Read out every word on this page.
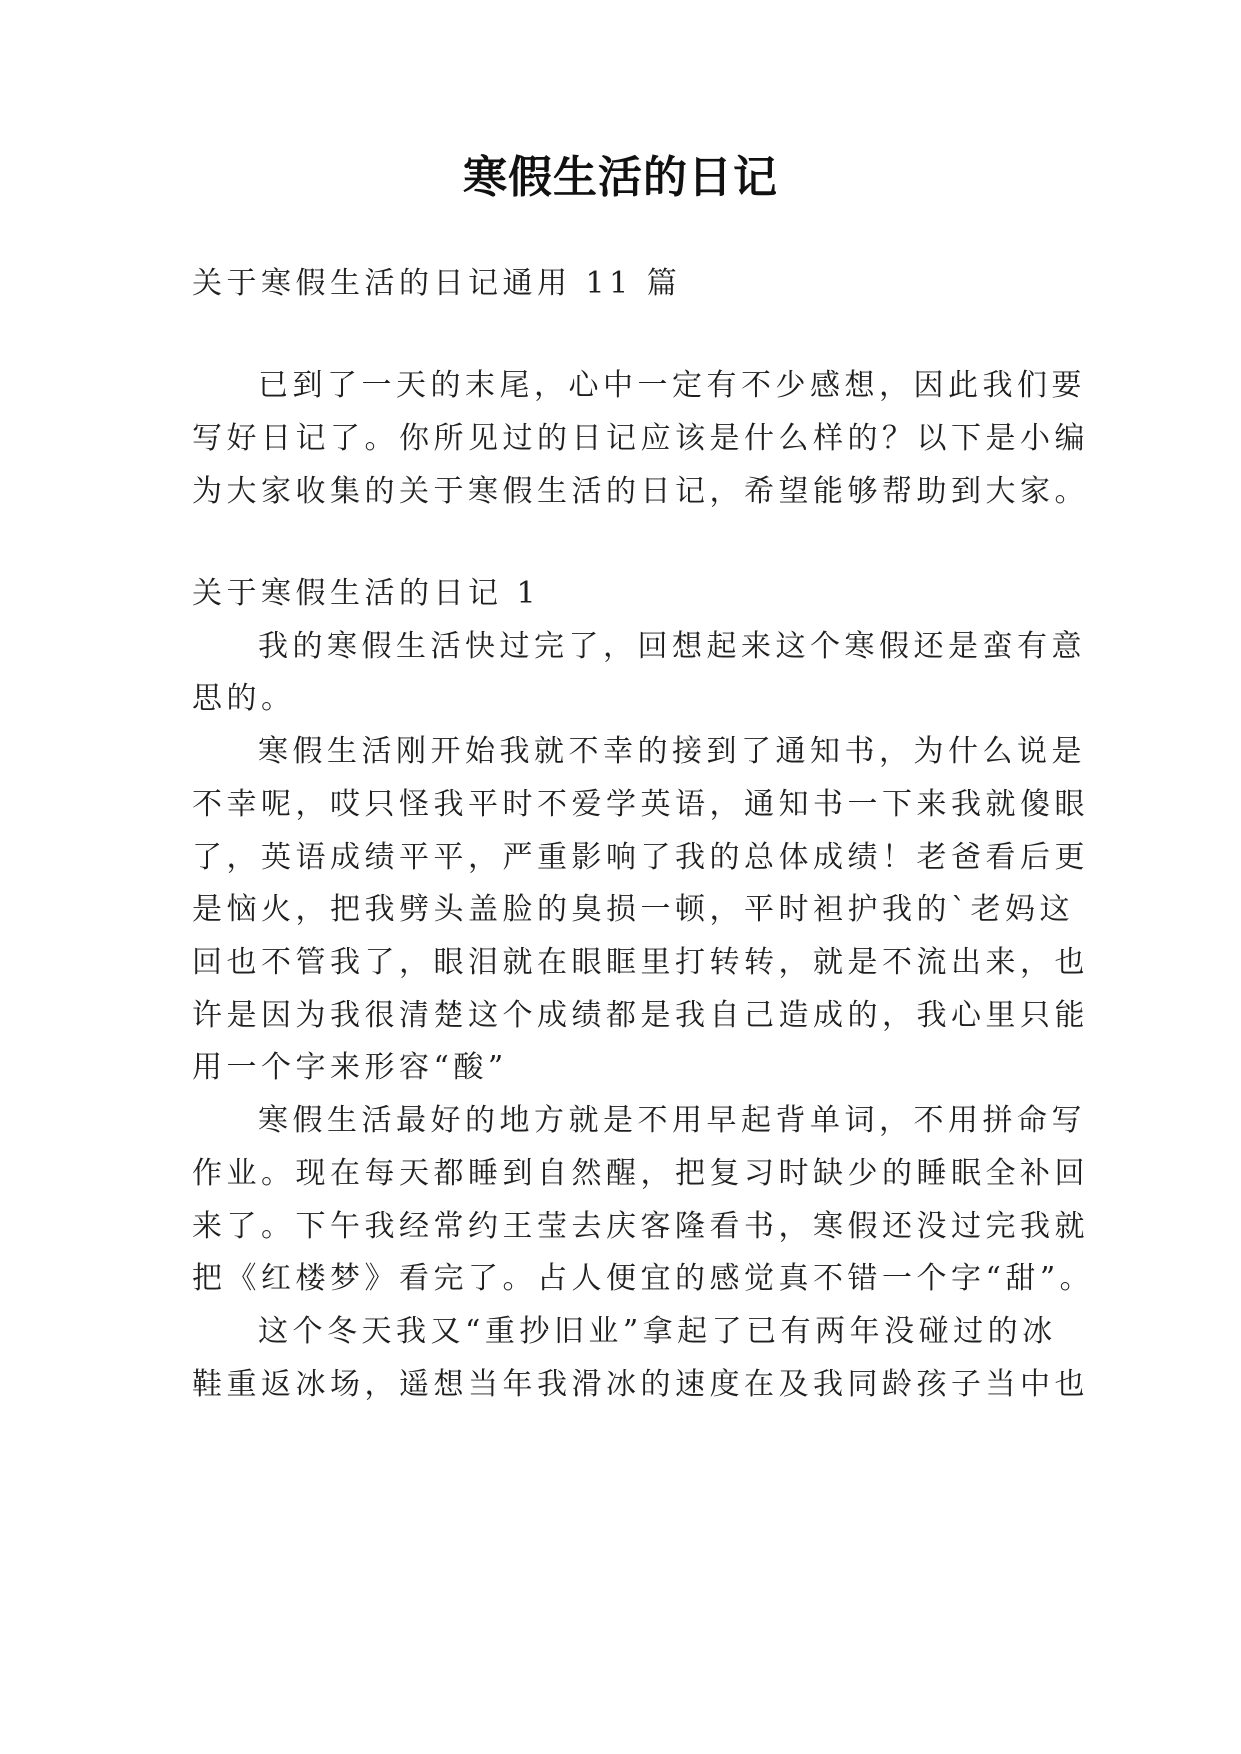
寒假生活的日记
关于寒假生活的日记通用 11 篇
已到了一天的末尾，心中一定有不少感想，因此我们要
写好日记了。你所见过的日记应该是什么样的？以下是小编
为大家收集的关于寒假生活的日记，希望能够帮助到大家。
关于寒假生活的日记 1
我的寒假生活快过完了，回想起来这个寒假还是蛮有意
思的。
寒假生活刚开始我就不幸的接到了通知书，为什么说是
不幸呢，哎只怪我平时不爱学英语，通知书一下来我就傻眼
了，英语成绩平平，严重影响了我的总体成绩！老爸看后更
是恼火，把我劈头盖脸的臭损一顿，平时袒护我的`老妈这
回也不管我了，眼泪就在眼眶里打转转，就是不流出来，也
许是因为我很清楚这个成绩都是我自己造成的，我心里只能
用一个字来形容“酸”
寒假生活最好的地方就是不用早起背单词，不用拼命写
作业。现在每天都睡到自然醒，把复习时缺少的睡眠全补回
来了。下午我经常约王莹去庆客隆看书，寒假还没过完我就
把《红楼梦》看完了。占人便宜的感觉真不错一个字“甜”。
这个冬天我又“重抄旧业”拿起了已有两年没碰过的冰
鞋重返冰场，遥想当年我滑冰的速度在及我同龄孩子当中也
